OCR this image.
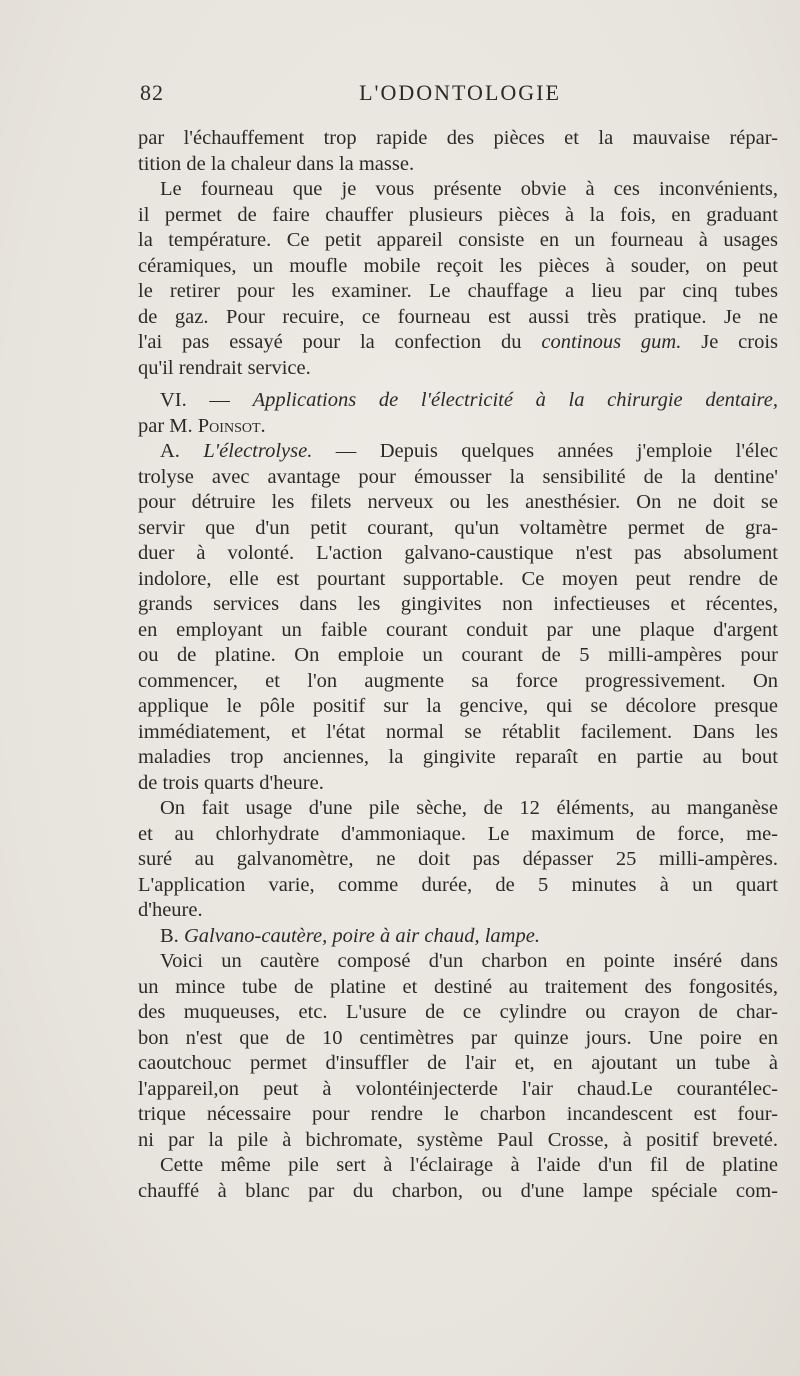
82	L'ODONTOLOGIE
par l'échauffement trop rapide des pièces et la mauvaise répar-
tition de la chaleur dans la masse.
Le fourneau que je vous présente obvie à ces inconvénients,
il permet de faire chauffer plusieurs pièces à la fois, en graduant
la température. Ce petit appareil consiste en un fourneau à usages
céramiques, un moufle mobile reçoit les pièces à souder, on peut
le retirer pour les examiner. Le chauffage a lieu par cinq tubes
de gaz. Pour recuire, ce fourneau est aussi très pratique. Je ne
l'ai pas essayé pour la confection du continous gum. Je crois
qu'il rendrait service.
VI. — Applications de l'électricité à la chirurgie dentaire,
par M. Poinsot.
A. L'électrolyse. — Depuis quelques années j'emploie l'élec
trolyse avec avantage pour émousser la sensibilité de la dentine'
pour détruire les filets nerveux ou les anesthésier. On ne doit se
servir que d'un petit courant, qu'un voltamètre permet de gra-
duer à volonté. L'action galvano-caustique n'est pas absolument
indolore, elle est pourtant supportable. Ce moyen peut rendre de
grands services dans les gingivites non infectieuses et récentes,
en employant un faible courant conduit par une plaque d'argent
ou de platine. On emploie un courant de 5 milli-ampères pour
commencer, et l'on augmente sa force progressivement. On
applique le pôle positif sur la gencive, qui se décolore presque
immédiatement, et l'état normal se rétablit facilement. Dans les
maladies trop anciennes, la gingivite reparaît en partie au bout
de trois quarts d'heure.
On fait usage d'une pile sèche, de 12 éléments, au manganèse
et au chlorhydrate d'ammoniaque. Le maximum de force, me-
suré au galvanomètre, ne doit pas dépasser 25 milli-ampères.
L'application varie, comme durée, de 5 minutes à un quart
d'heure.
B. Galvano-cautère, poire à air chaud, lampe.
Voici un cautère composé d'un charbon en pointe inséré dans
un mince tube de platine et destiné au traitement des fongosités,
des muqueuses, etc. L'usure de ce cylindre ou crayon de char-
bon n'est que de 10 centimètres par quinze jours. Une poire en
caoutchouc permet d'insuffler de l'air et, en ajoutant un tube à
l'appareil,on peut à volontéinjecterde l'air chaud.Le courantélec-
trique nécessaire pour rendre le charbon incandescent est four-
ni par la pile à bichromate, système Paul Crosse, à positif breveté.
Cette même pile sert à l'éclairage à l'aide d'un fil de platine
chauffé à blanc par du charbon, ou d'une lampe spéciale com-
